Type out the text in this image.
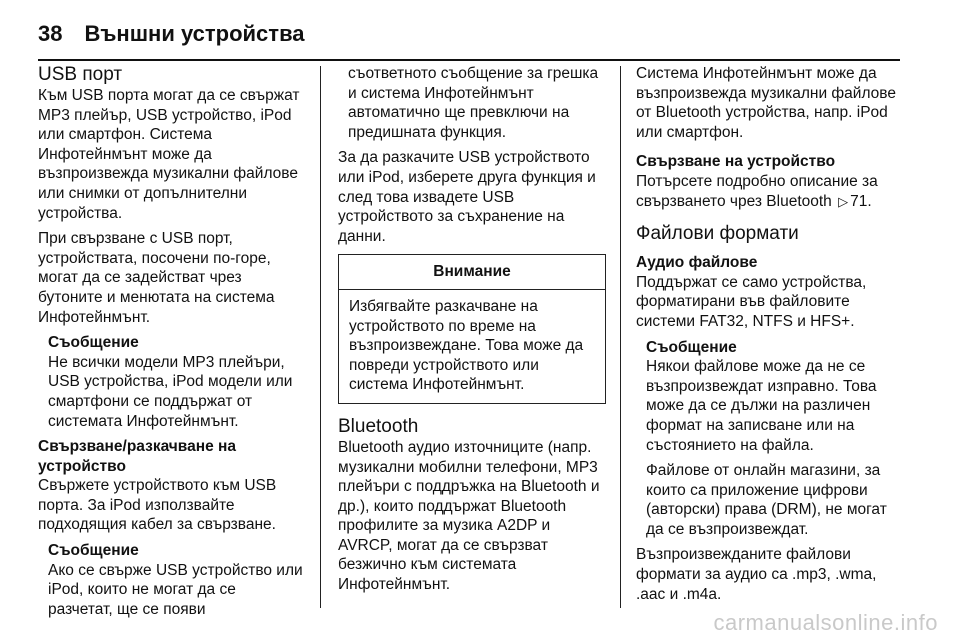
38 Външни устройства
USB порт

Към USB порта могат да се свържат MP3 плейър, USB устройство, iPod или смартфон. Система Инфотейнмънт може да възпроизвежда музикални файлове или снимки от допълнителни устройства.

При свързване с USB порт, устройствата, посочени по-горе, могат да се задействат чрез бутоните и менютата на система Инфотейнмънт.

Съобщение

Не всички модели MP3 плейъри, USB устройства, iPod модели или смартфони се поддържат от системата Инфотейнмънт.

Свързване/разкачване на устройство

Свържете устройството към USB порта. За iPod използвайте подходящия кабел за свързване.

Съобщение

Ако се свърже USB устройство или iPod, които не могат да се разчетат, ще се появи

съответното съобщение за грешка и система Инфотейнмънт автоматично ще превключи на предишната функция.

За да разкачите USB устройството или iPod, изберете друга функция и след това извадете USB устройството за съхранение на данни.

Внимание
Избягвайте разкачване на устройството по време на възпроизвеждане. Това може да повреди устройството или система Инфотейнмънт.
Bluetooth

Bluetooth аудио източниците (напр. музикални мобилни телефони, MP3 плейъри с поддръжка на Bluetooth и др.), които поддържат Bluetooth профилите за музика A2DP и AVRCP, могат да се свързват безжично към системата Инфотейнмънт.

Система Инфотейнмънт може да възпроизвежда музикални файлове от Bluetooth устройства, напр. iPod или смартфон.

Свързване на устройство

Потърсете подробно описание за свързването чрез Bluetooth ▷ 71.

Файлови формати
Аудио файлове

Поддържат се само устройства, форматирани във файловите системи FAT32, NTFS и HFS+.

Съобщение

Някои файлове може да не се възпроизвеждат изправно. Това може да се дължи на различен формат на записване или на състоянието на файла.

Файлове от онлайн магазини, за които са приложение цифрови (авторски) права (DRM), не могат да се възпроизвеждат.

Възпроизвежданите файлови формати за аудио са .mp3, .wma, .aac и .m4a.

carmanualsonline.info
